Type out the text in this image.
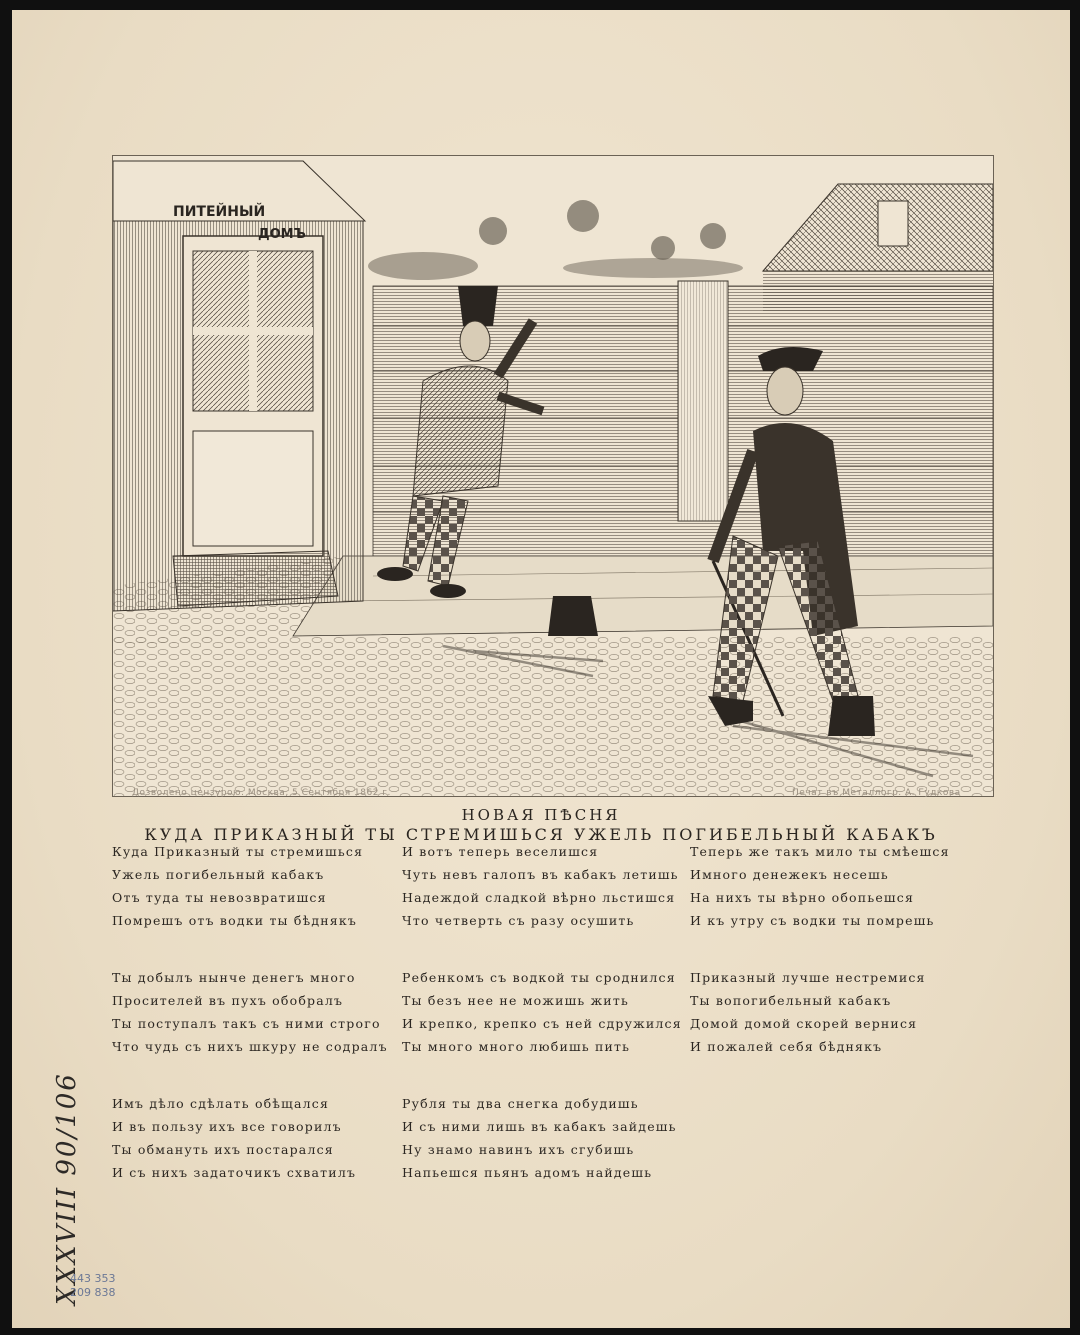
ПИТЕЙНЫЙ
ДОМЪ
Дозволено цензурою. Москва, 5 Сентября 1862 г.	Печат въ Металлогр. А. Гудкова
НОВАЯ ПѢСНЯ
КУДА ПРИКАЗНЫЙ ТЫ СТРЕМИШЬСЯ УЖЕЛЬ ПОГИБЕЛЬНЫЙ КАБАКЪ
Куда Приказный ты стремишься
Ужель погибельный кабакъ
Отъ туда ты невозвратишся
Помрешъ отъ водки ты бѣднякъ
Ты добылъ нынче денегъ много
Просителей въ пухъ обобралъ
Ты поступалъ такъ съ ними строго
Что чудь съ нихъ шкуру не содралъ
Имъ дѣло сдѣлать обѣщался
И въ пользу ихъ все говорилъ
Ты обмануть ихъ постарался
И съ нихъ задаточикъ схватилъ
И вотъ теперь веселишся
Чуть невъ галопъ въ кабакъ летишь
Надеждой сладкой вѣрно льстишся
Что четверть съ разу осушить
Ребенкомъ съ водкой ты сроднился
Ты безъ нее не можишь жить
И крепко, крепко съ ней сдружился
Ты много много любишь пить
Рубля ты два снегка добудишь
И съ ними лишь въ кабакъ зайдешь
Ну знамо навинъ ихъ сгубишь
Напьешся пьянъ адомъ найдешь
Теперь же такъ мило ты смѣешся
Имного денежекъ несешь
На нихъ ты вѣрно обопьешся
И къ утру съ водки ты помрешь
Приказный лучше нестремися
Ты вопогибельный кабакъ
Домой домой скорей вернися
И пожалей себя бѣднякъ
XXXVIII 90/106
443 353
209 838
